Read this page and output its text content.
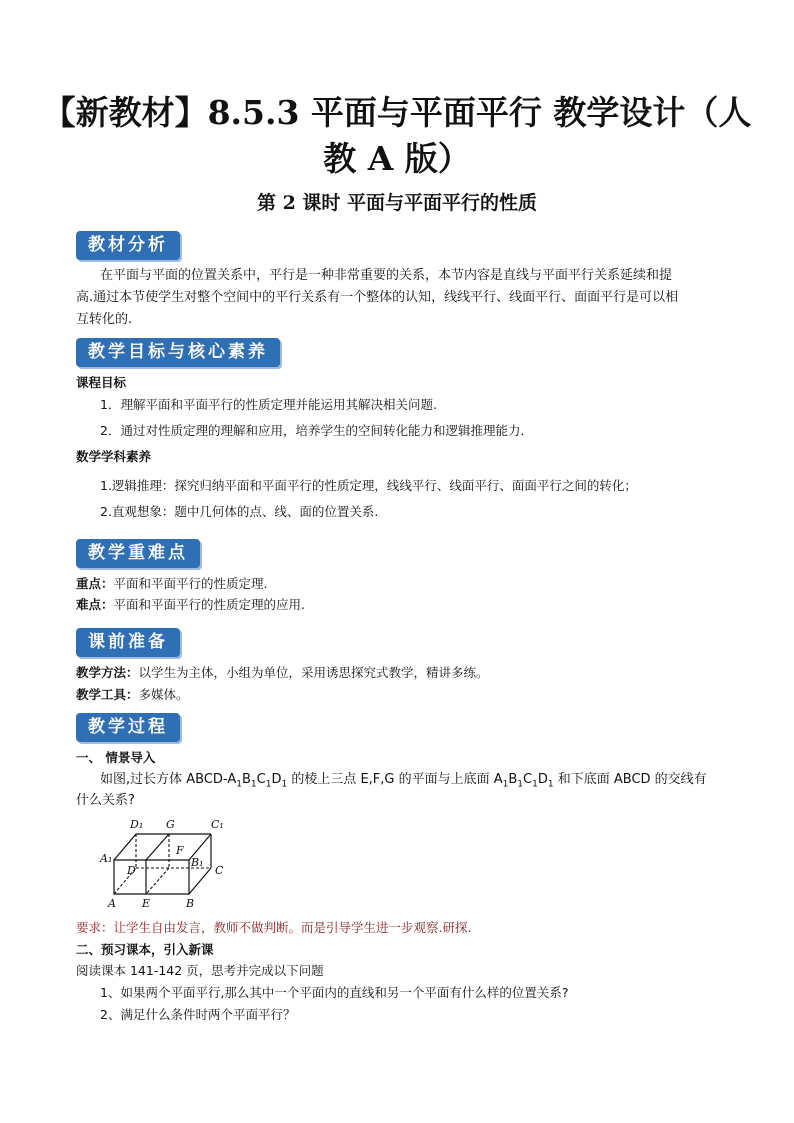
【新教材】8.5.3 平面与平面平行 教学设计（人
教 A 版）
第 2 课时 平面与平面平行的性质
教材分析
在平面与平面的位置关系中，平行是一种非常重要的关系，本节内容是直线与平面平行关系延续和提
高.通过本节使学生对整个空间中的平行关系有一个整体的认知，线线平行、线面平行、面面平行是可以相
互转化的.
教学目标与核心素养
课程目标
1．理解平面和平面平行的性质定理并能运用其解决相关问题.
2．通过对性质定理的理解和应用，培养学生的空间转化能力和逻辑推理能力．
数学学科素养
1.逻辑推理：探究归纳平面和平面平行的性质定理，线线平行、线面平行、面面平行之间的转化；
2.直观想象：题中几何体的点、线、面的位置关系.
教学重难点
重点：平面和平面平行的性质定理.
难点：平面和平面平行的性质定理的应用.
课前准备
教学方法：以学生为主体，小组为单位，采用诱思探究式教学，精讲多练。
教学工具：多媒体。
教学过程
一、 情景导入
如图,过长方体 ABCD-$A_1B_1C_1D_1$ 的棱上三点 E,F,G 的平面与上底面 $A_1B_1C_1D_1$ 和下底面 ABCD 的交线有
什么关系?
D₁ G	C₁
A₁
F
B₁
D	C
A E	B
要求：让学生自由发言，教师不做判断。而是引导学生进一步观察.研探.
二、预习课本，引入新课
阅读课本 141-142 页，思考并完成以下问题
1、如果两个平面平行,那么其中一个平面内的直线和另一个平面有什么样的位置关系?
2、满足什么条件时两个平面平行？
